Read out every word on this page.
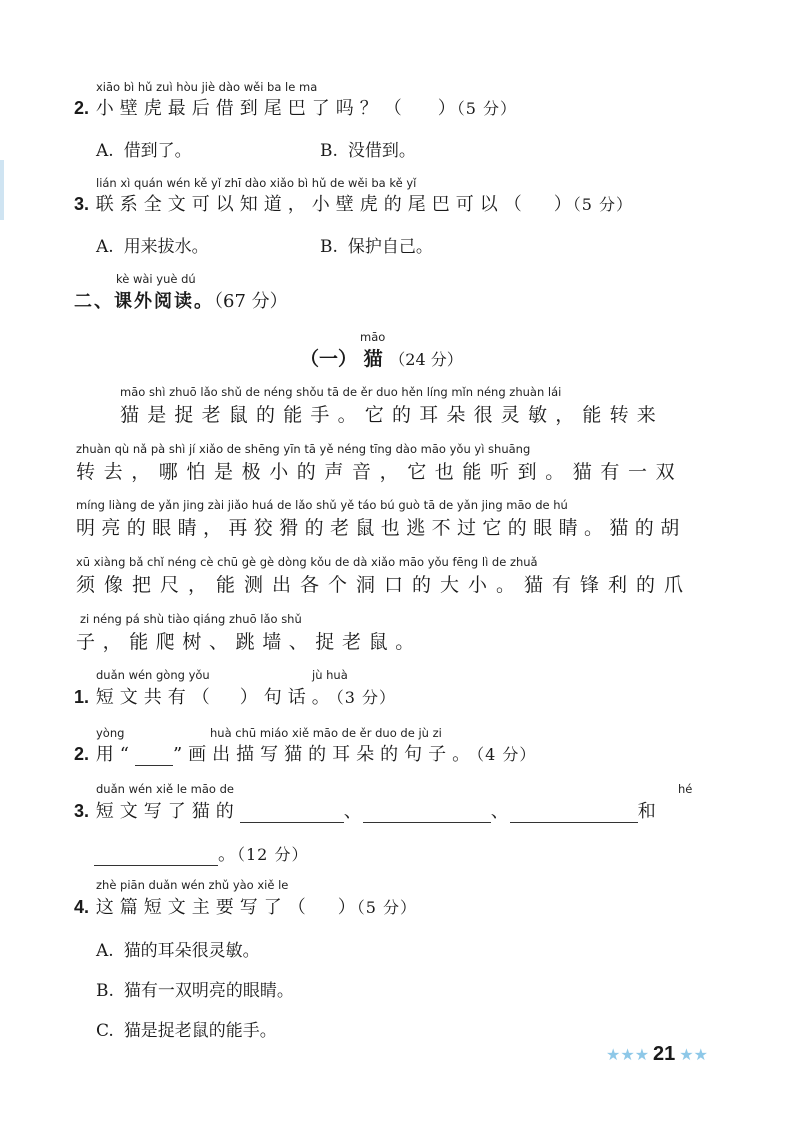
xiāo bì hǔ zuì hòu jiè dào wěi ba le ma
2. 小壁虎最后借到尾巴了吗？（ ）（5 分）
A. 借到了。	B. 没借到。
lián xì quán wén kě yǐ zhī dào xiǎo bì hǔ de wěi ba kě yǐ
3. 联系全文可以知道，小壁虎的尾巴可以（ ）（5 分）
A. 用来拔水。	B. 保护自己。
kè wài yuè dú
二、课外阅读。（67 分）
māo
（一） 猫 （24 分）
māo shì zhuō lǎo shǔ de néng shǒu tā de ěr duo hěn líng mǐn néng zhuàn lái
猫是捉老鼠的能手。它的耳朵很灵敏，能转来
zhuàn qù nǎ pà shì jí xiǎo de shēng yīn tā yě néng tīng dào māo yǒu yì shuāng
转去，哪怕是极小的声音，它也能听到。猫有一双
míng liàng de yǎn jing zài jiǎo huá de lǎo shǔ yě táo bú guò tā de yǎn jing māo de hú
明亮的眼睛，再狡猾的老鼠也逃不过它的眼睛。猫的胡
xū xiàng bǎ chǐ néng cè chū gè gè dòng kǒu de dà xiǎo māo yǒu fēng lì de zhuǎ
须像把尺，能测出各个洞口的大小。猫有锋利的爪
zi néng pá shù tiào qiáng zhuō lǎo shǔ
子，能爬树、跳墙、捉老鼠。
duǎn wén gòng yǒu	jù huà
1. 短文共有（ ）句话。（3 分）
yòng	huà chū miáo xiě māo de ěr duo de jù zi
2. 用“ ”画出描写猫的耳朵的句子。（4 分）
duǎn wén xiě le māo de	hé
3. 短文写了猫的	、	、	和
。（12 分）
zhè piān duǎn wén zhǔ yào xiě le
4. 这篇短文主要写了（ ）（5 分）
A. 猫的耳朵很灵敏。
B. 猫有一双明亮的眼睛。
C. 猫是捉老鼠的能手。
★★★ 21 ★★
